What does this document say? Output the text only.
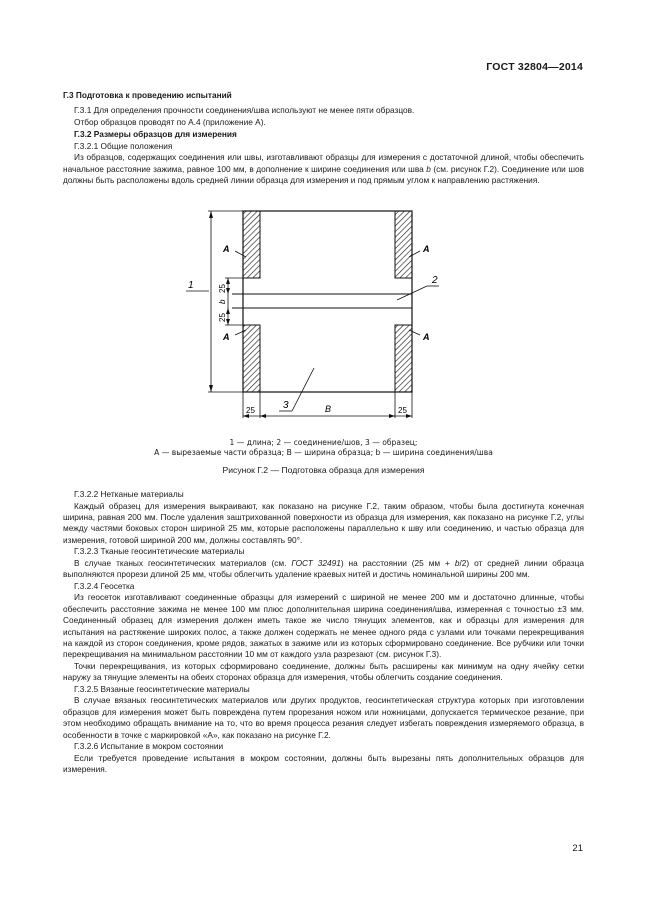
ГОСТ 32804—2014

Г.3 Подготовка к проведению испытаний

Г.3.1 Для определения прочности соединения/шва используют не менее пяти образцов.

Отбор образцов проводят по А.4 (приложение А).

Г.3.2 Размеры образцов для измерения

Г.3.2.1 Общие положения

Из образцов, содержащих соединения или швы, изготавливают образцы для измерения с достаточной длиной, чтобы обеспечить начальное расстояние зажима, равное 100 мм, в дополнение к ширине соединения или шва b (см. рисунок Г.2). Соединение или шов должны быть расположены вдоль средней линии образца для измерения и под прямым углом к направлению растяжения.

25
b
25
25	B	25
A	A
A	A
1	2
3
1 — длина; 2 — соединение/шов, 3 — образец;
А — вырезаемые части образца; В — ширина образца; b — ширина соединения/шва
Рисунок Г.2 — Подготовка образца для измерения

Г.3.2.2 Нетканые материалы

Каждый образец для измерения выкраивают, как показано на рисунке Г.2, таким образом, чтобы была достигнута конечная ширина, равная 200 мм. После удаления заштрихованной поверхности из образца для измерения, как показано на рисунке Г.2, углы между частями боковых сторон шириной 25 мм, которые расположены параллельно к шву или соединению, и частью образца для измерения, готовой шириной 200 мм, должны составлять 90°.

Г.3.2.3 Тканые геосинтетические материалы

В случае тканых геосинтетических материалов (см. ГОСТ 32491) на расстоянии (25 мм + b/2) от средней линии образца выполняются прорези длиной 25 мм, чтобы облегчить удаление краевых нитей и достичь номинальной ширины 200 мм.

Г.3.2.4 Геосетка

Из геосеток изготавливают соединенные образцы для измерений с шириной не менее 200 мм и достаточно длинные, чтобы обеспечить расстояние зажима не менее 100 мм плюс дополнительная ширина соединения/шва, измеренная с точностью ±3 мм. Соединенный образец для измерения должен иметь такое же число тянущих элементов, как и образцы для измерения для испытания на растяжение широких полос, а также должен содержать не менее одного ряда с узлами или точками перекрещивания на каждой из сторон соединения, кроме рядов, зажатых в зажиме или из которых сформировано соединение. Все рубчики или точки перекрещивания на минимальном расстоянии 10 мм от каждого узла разрезают (см. рисунок Г.3).

Точки перекрещивания, из которых сформировано соединение, должны быть расширены как минимум на одну ячейку сетки наружу за тянущие элементы на обеих сторонах образца для измерения, чтобы облегчить создание соединения.

Г.3.2.5 Вязаные геосинтетические материалы

В случае вязаных геосинтетических материалов или других продуктов, геосинтетическая структура которых при изготовлении образцов для измерения может быть повреждена путем прорезания ножом или ножницами, допускается термическое резание, при этом необходимо обращать внимание на то, что во время процесса резания следует избегать повреждения измеряемого образца, в особенности в точке с маркировкой «А», как показано на рисунке Г.2.

Г.3.2.6 Испытание в мокром состоянии

Если требуется проведение испытания в мокром состоянии, должны быть вырезаны пять дополнительных образцов для измерения.

21
